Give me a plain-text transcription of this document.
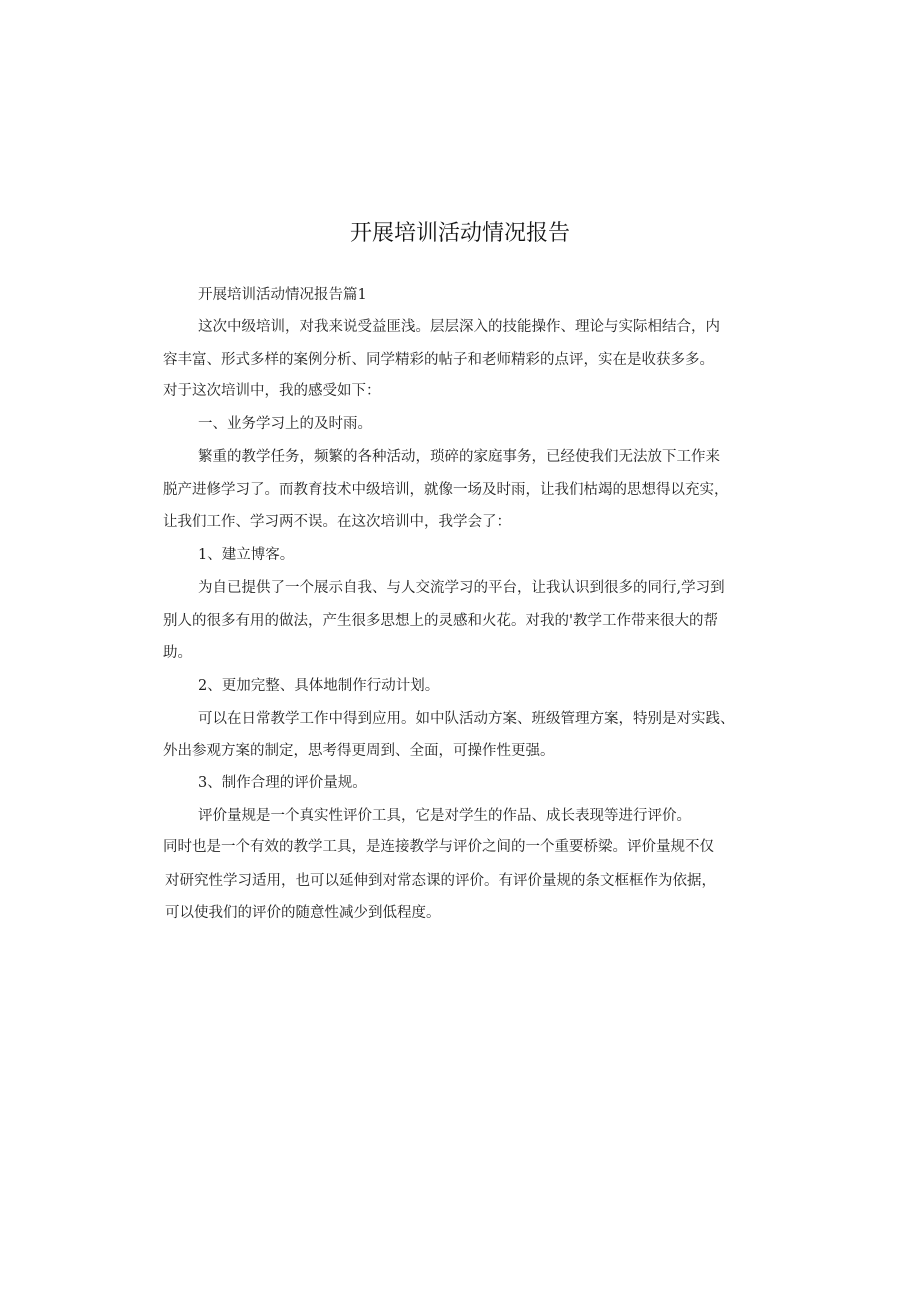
开展培训活动情况报告
开展培训活动情况报告篇1
这次中级培训，对我来说受益匪浅。层层深入的技能操作、理论与实际相结合，内
容丰富、形式多样的案例分析、同学精彩的帖子和老师精彩的点评，实在是收获多多。
对于这次培训中，我的感受如下：
一、业务学习上的及时雨。
繁重的教学任务，频繁的各种活动，琐碎的家庭事务，已经使我们无法放下工作来
脱产进修学习了。而教育技术中级培训，就像一场及时雨，让我们枯竭的思想得以充实，
让我们工作、学习两不误。在这次培训中，我学会了：
1、建立博客。
为自已提供了一个展示自我、与人交流学习的平台，让我认识到很多的同行,学习到
别人的很多有用的做法，产生很多思想上的灵感和火花。对我的'教学工作带来很大的帮
助。
2、更加完整、具体地制作行动计划。
可以在日常教学工作中得到应用。如中队活动方案、班级管理方案，特别是对实践、
外出参观方案的制定，思考得更周到、全面，可操作性更强。
3、制作合理的评价量规。
评价量规是一个真实性评价工具，它是对学生的作品、成长表现等进行评价。
同时也是一个有效的教学工具，是连接教学与评价之间的一个重要桥梁。评价量规不仅
对研究性学习适用，也可以延伸到对常态课的评价。有评价量规的条文框框作为依据，
可以使我们的评价的随意性减少到低程度。
